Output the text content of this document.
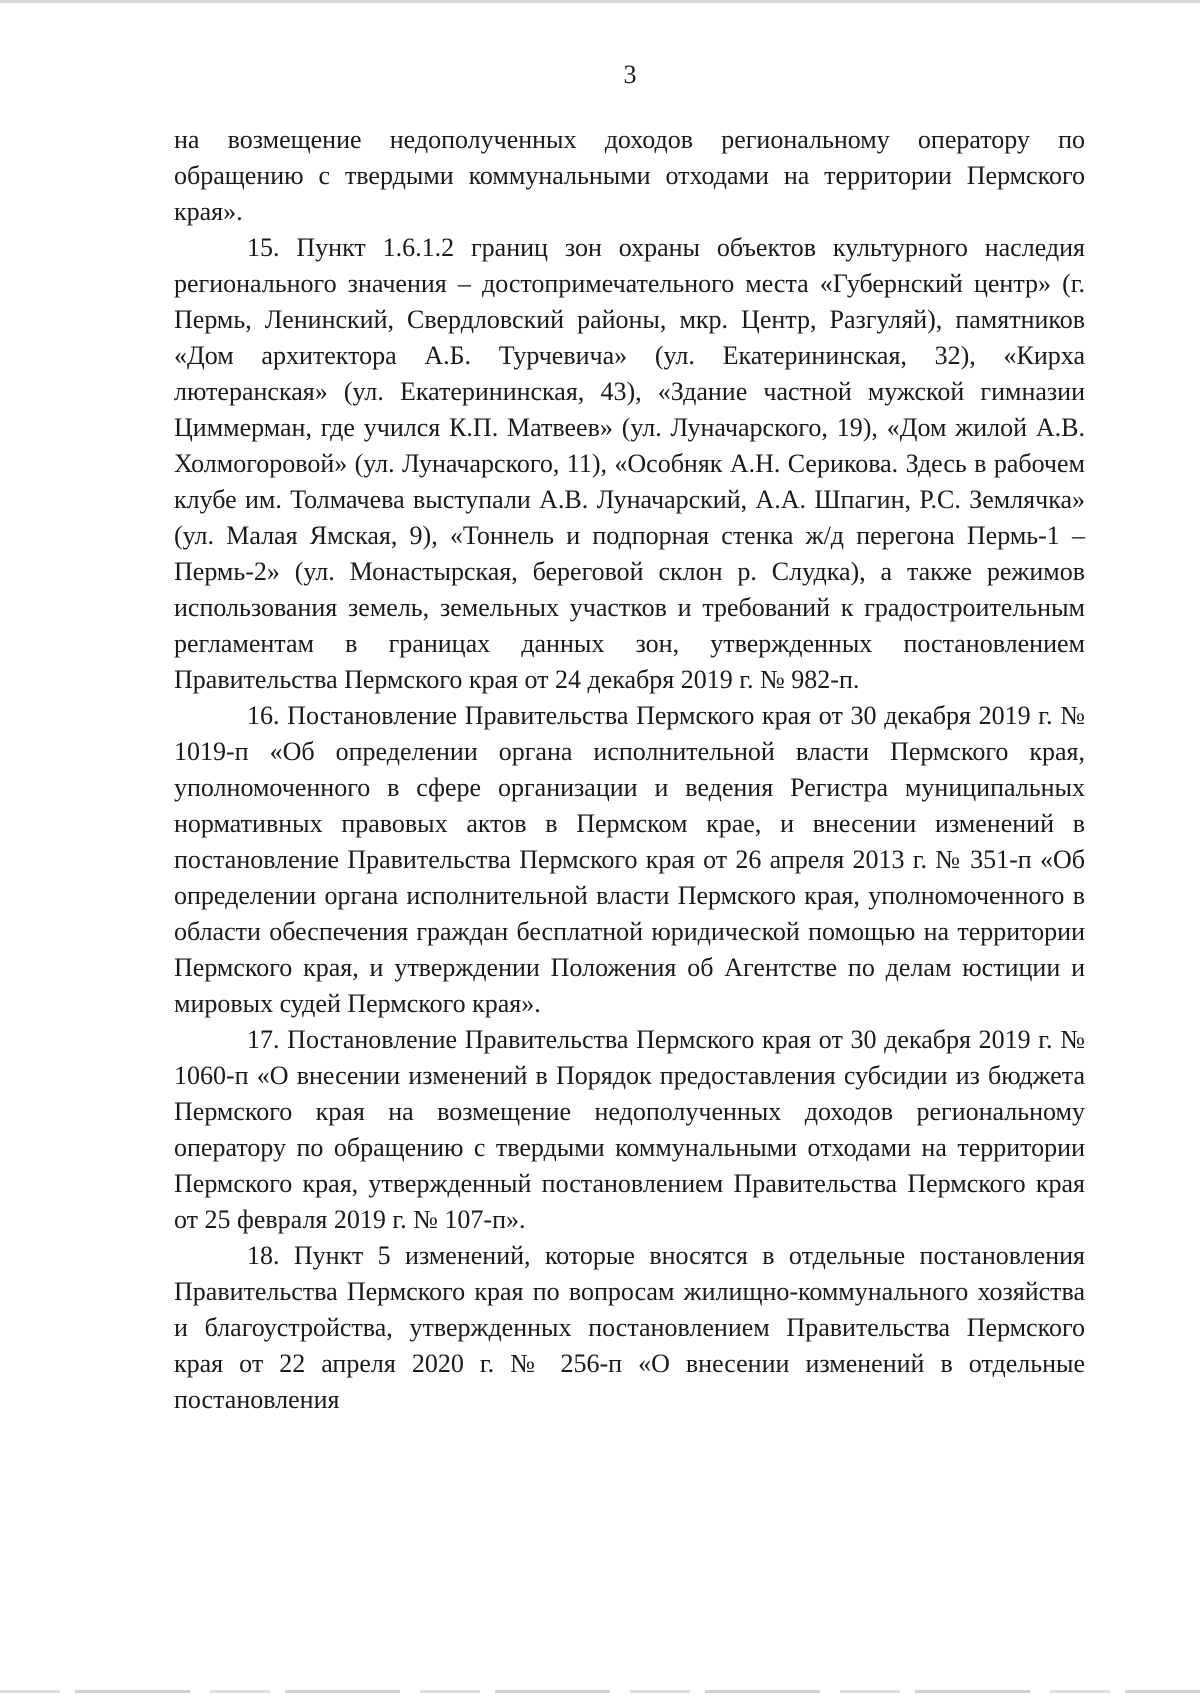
3

на возмещение недополученных доходов региональному оператору по обращению с твердыми коммунальными отходами на территории Пермского края».

15. Пункт 1.6.1.2 границ зон охраны объектов культурного наследия регионального значения – достопримечательного места «Губернский центр» (г. Пермь, Ленинский, Свердловский районы, мкр. Центр, Разгуляй), памятников «Дом архитектора А.Б. Турчевича» (ул. Екатерининская, 32), «Кирха лютеранская» (ул. Екатерининская, 43), «Здание частной мужской гимназии Циммерман, где учился К.П. Матвеев» (ул. Луначарского, 19), «Дом жилой А.В. Холмогоровой» (ул. Луначарского, 11), «Особняк А.Н. Серикова. Здесь в рабочем клубе им. Толмачева выступали А.В. Луначарский, А.А. Шпагин, Р.С. Землячка» (ул. Малая Ямская, 9), «Тоннель и подпорная стенка ж/д перегона Пермь-1 – Пермь-2» (ул. Монастырская, береговой склон р. Слудка), а также режимов использования земель, земельных участков и требований к градостроительным регламентам в границах данных зон, утвержденных постановлением Правительства Пермского края от 24 декабря 2019 г. № 982-п.

16. Постановление Правительства Пермского края от 30 декабря 2019 г. № 1019-п «Об определении органа исполнительной власти Пермского края, уполномоченного в сфере организации и ведения Регистра муниципальных нормативных правовых актов в Пермском крае, и внесении изменений в постановление Правительства Пермского края от 26 апреля 2013 г. № 351-п «Об определении органа исполнительной власти Пермского края, уполномоченного в области обеспечения граждан бесплатной юридической помощью на территории Пермского края, и утверждении Положения об Агентстве по делам юстиции и мировых судей Пермского края».

17. Постановление Правительства Пермского края от 30 декабря 2019 г. № 1060-п «О внесении изменений в Порядок предоставления субсидии из бюджета Пермского края на возмещение недополученных доходов региональному оператору по обращению с твердыми коммунальными отходами на территории Пермского края, утвержденный постановлением Правительства Пермского края от 25 февраля 2019 г. № 107-п».

18. Пункт 5 изменений, которые вносятся в отдельные постановления Правительства Пермского края по вопросам жилищно-коммунального хозяйства и благоустройства, утвержденных постановлением Правительства Пермского края от 22 апреля 2020 г. № 256-п «О внесении изменений в отдельные постановления
